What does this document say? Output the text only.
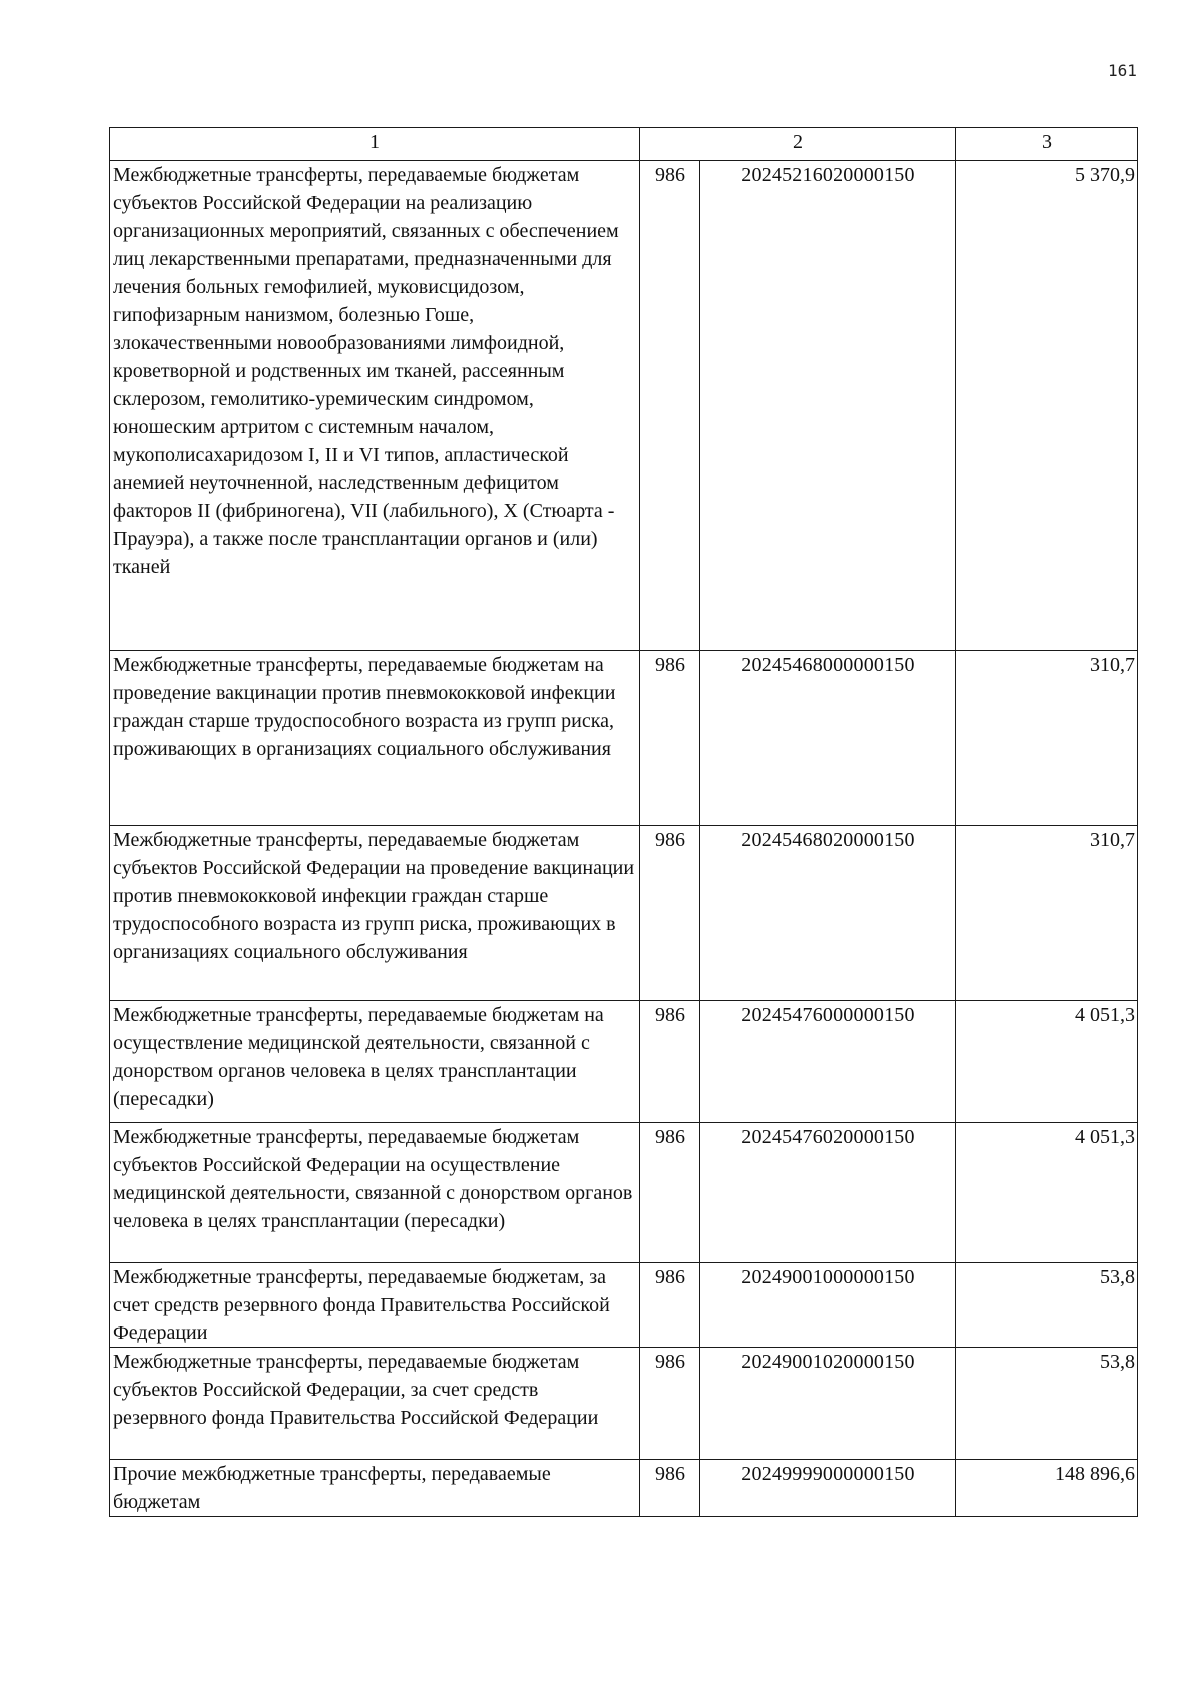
161
1	2		3
Межбюджетные трансферты, передаваемые бюджетам субъектов Российской Федерации на реализацию организационных мероприятий, связанных с обеспечением лиц лекарственными препаратами, предназначенными для лечения больных гемофилией, муковисцидозом, гипофизарным нанизмом, болезнью Гоше, злокачественными новообразованиями лимфоидной, кроветворной и родственных им тканей, рассеянным склерозом, гемолитико-уремическим синдромом, юношеским артритом с системным началом, мукополисахаридозом I, II и VI типов, апластической анемией неуточненной, наследственным дефицитом факторов II (фибриногена), VII (лабильного), X (Стюарта - Прауэра), а также после трансплантации органов и (или) тканей	986	20245216020000150	5 370,9
Межбюджетные трансферты, передаваемые бюджетам на проведение вакцинации против пневмококковой инфекции граждан старше трудоспособного возраста из групп риска, проживающих в организациях социального обслуживания	986	20245468000000150	310,7
Межбюджетные трансферты, передаваемые бюджетам субъектов Российской Федерации на проведение вакцинации против пневмококковой инфекции граждан старше трудоспособного возраста из групп риска, проживающих в организациях социального обслуживания	986	20245468020000150	310,7
Межбюджетные трансферты, передаваемые бюджетам на осуществление медицинской деятельности, связанной с донорством органов человека в целях трансплантации (пересадки)	986	20245476000000150	4 051,3
Межбюджетные трансферты, передаваемые бюджетам субъектов Российской Федерации на осуществление медицинской деятельности, связанной с донорством органов человека в целях трансплантации (пересадки)	986	20245476020000150	4 051,3
Межбюджетные трансферты, передаваемые бюджетам, за счет средств резервного фонда Правительства Российской Федерации	986	20249001000000150	53,8
Межбюджетные трансферты, передаваемые бюджетам субъектов Российской Федерации, за счет средств резервного фонда Правительства Российской Федерации	986	20249001020000150	53,8
Прочие межбюджетные трансферты, передаваемые бюджетам	986	20249999000000150	148 896,6
